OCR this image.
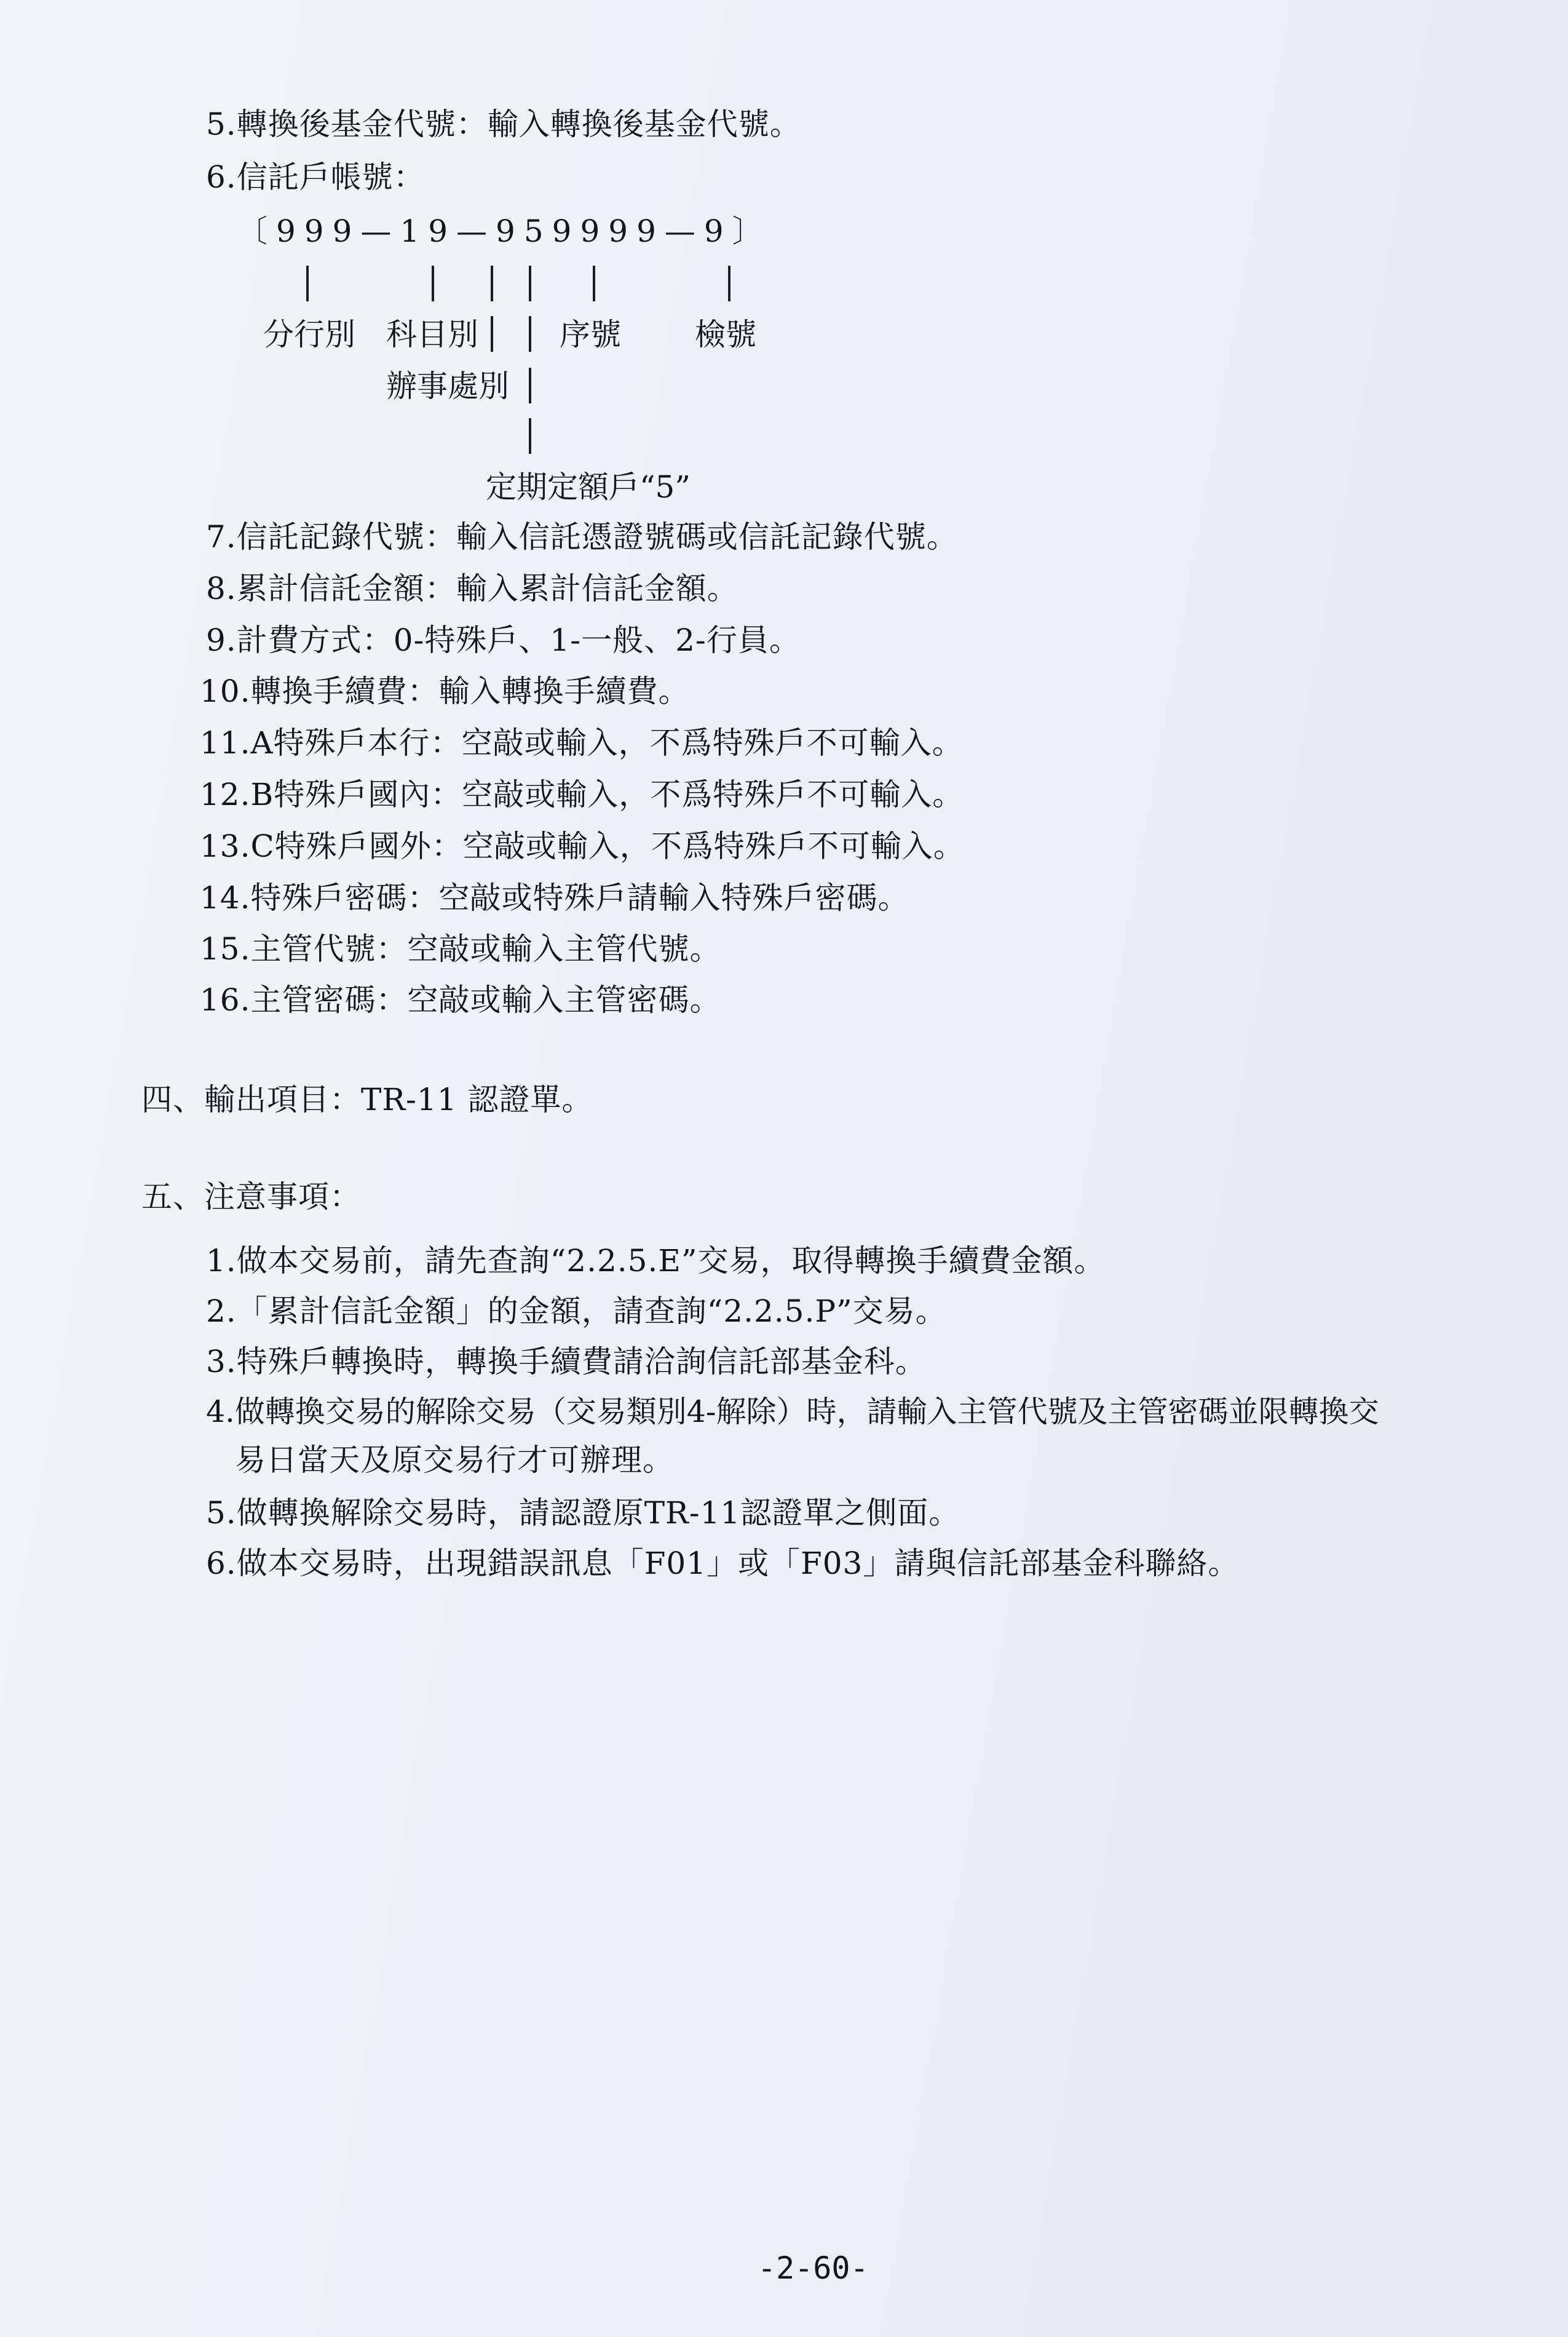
5.轉換後基金代號：輸入轉換後基金代號。
6.信託戶帳號：
〔999—19—959999—9〕
分行別 科目別	序號 檢號
辦事處別
定期定額戶“5”
7.信託記錄代號：輸入信託憑證號碼或信託記錄代號。
8.累計信託金額：輸入累計信託金額。
9.計費方式：0-特殊戶、1-一般、2-行員。
10.轉換手續費：輸入轉換手續費。
11.A特殊戶本行：空敲或輸入，不爲特殊戶不可輸入。
12.B特殊戶國內：空敲或輸入，不爲特殊戶不可輸入。
13.C特殊戶國外：空敲或輸入，不爲特殊戶不可輸入。
14.特殊戶密碼：空敲或特殊戶請輸入特殊戶密碼。
15.主管代號：空敲或輸入主管代號。
16.主管密碼：空敲或輸入主管密碼。
四、輸出項目：TR-11 認證單。
五、注意事項：
1.做本交易前，請先查詢“2.2.5.E”交易，取得轉換手續費金額。
2.「累計信託金額」的金額，請查詢“2.2.5.P”交易。
3.特殊戶轉換時，轉換手續費請洽詢信託部基金科。
4.做轉換交易的解除交易（交易類別4-解除）時，請輸入主管代號及主管密碼並限轉換交
易日當天及原交易行才可辦理。
5.做轉換解除交易時，請認證原TR-11認證單之側面。
6.做本交易時，出現錯誤訊息「F01」或「F03」請與信託部基金科聯絡。
-2-60-
